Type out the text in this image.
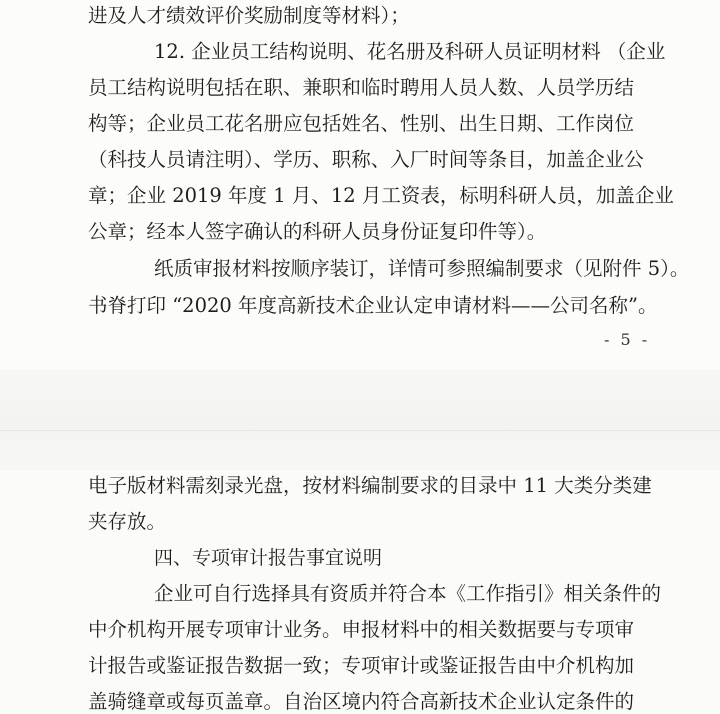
进及人才绩效评价奖励制度等材料）；
12. 企业员工结构说明、花名册及科研人员证明材料 （企业
员工结构说明包括在职、兼职和临时聘用人员人数、人员学历结
构等；企业员工花名册应包括姓名、性别、出生日期、工作岗位
（科技人员请注明）、学历、职称、入厂时间等条目，加盖企业公
章；企业 2019 年度 1 月、12 月工资表，标明科研人员，加盖企业
公章；经本人签字确认的科研人员身份证复印件等）。
纸质审报材料按顺序装订，详情可参照编制要求（见附件 5）。
书脊打印 “2020 年度高新技术企业认定申请材料——公司名称”。
- 5 -
电子版材料需刻录光盘，按材料编制要求的目录中 11 大类分类建
夹存放。
四、专项审计报告事宜说明
企业可自行选择具有资质并符合本《工作指引》相关条件的
中介机构开展专项审计业务。申报材料中的相关数据要与专项审
计报告或鉴证报告数据一致；专项审计或鉴证报告由中介机构加
盖骑缝章或每页盖章。自治区境内符合高新技术企业认定条件的
